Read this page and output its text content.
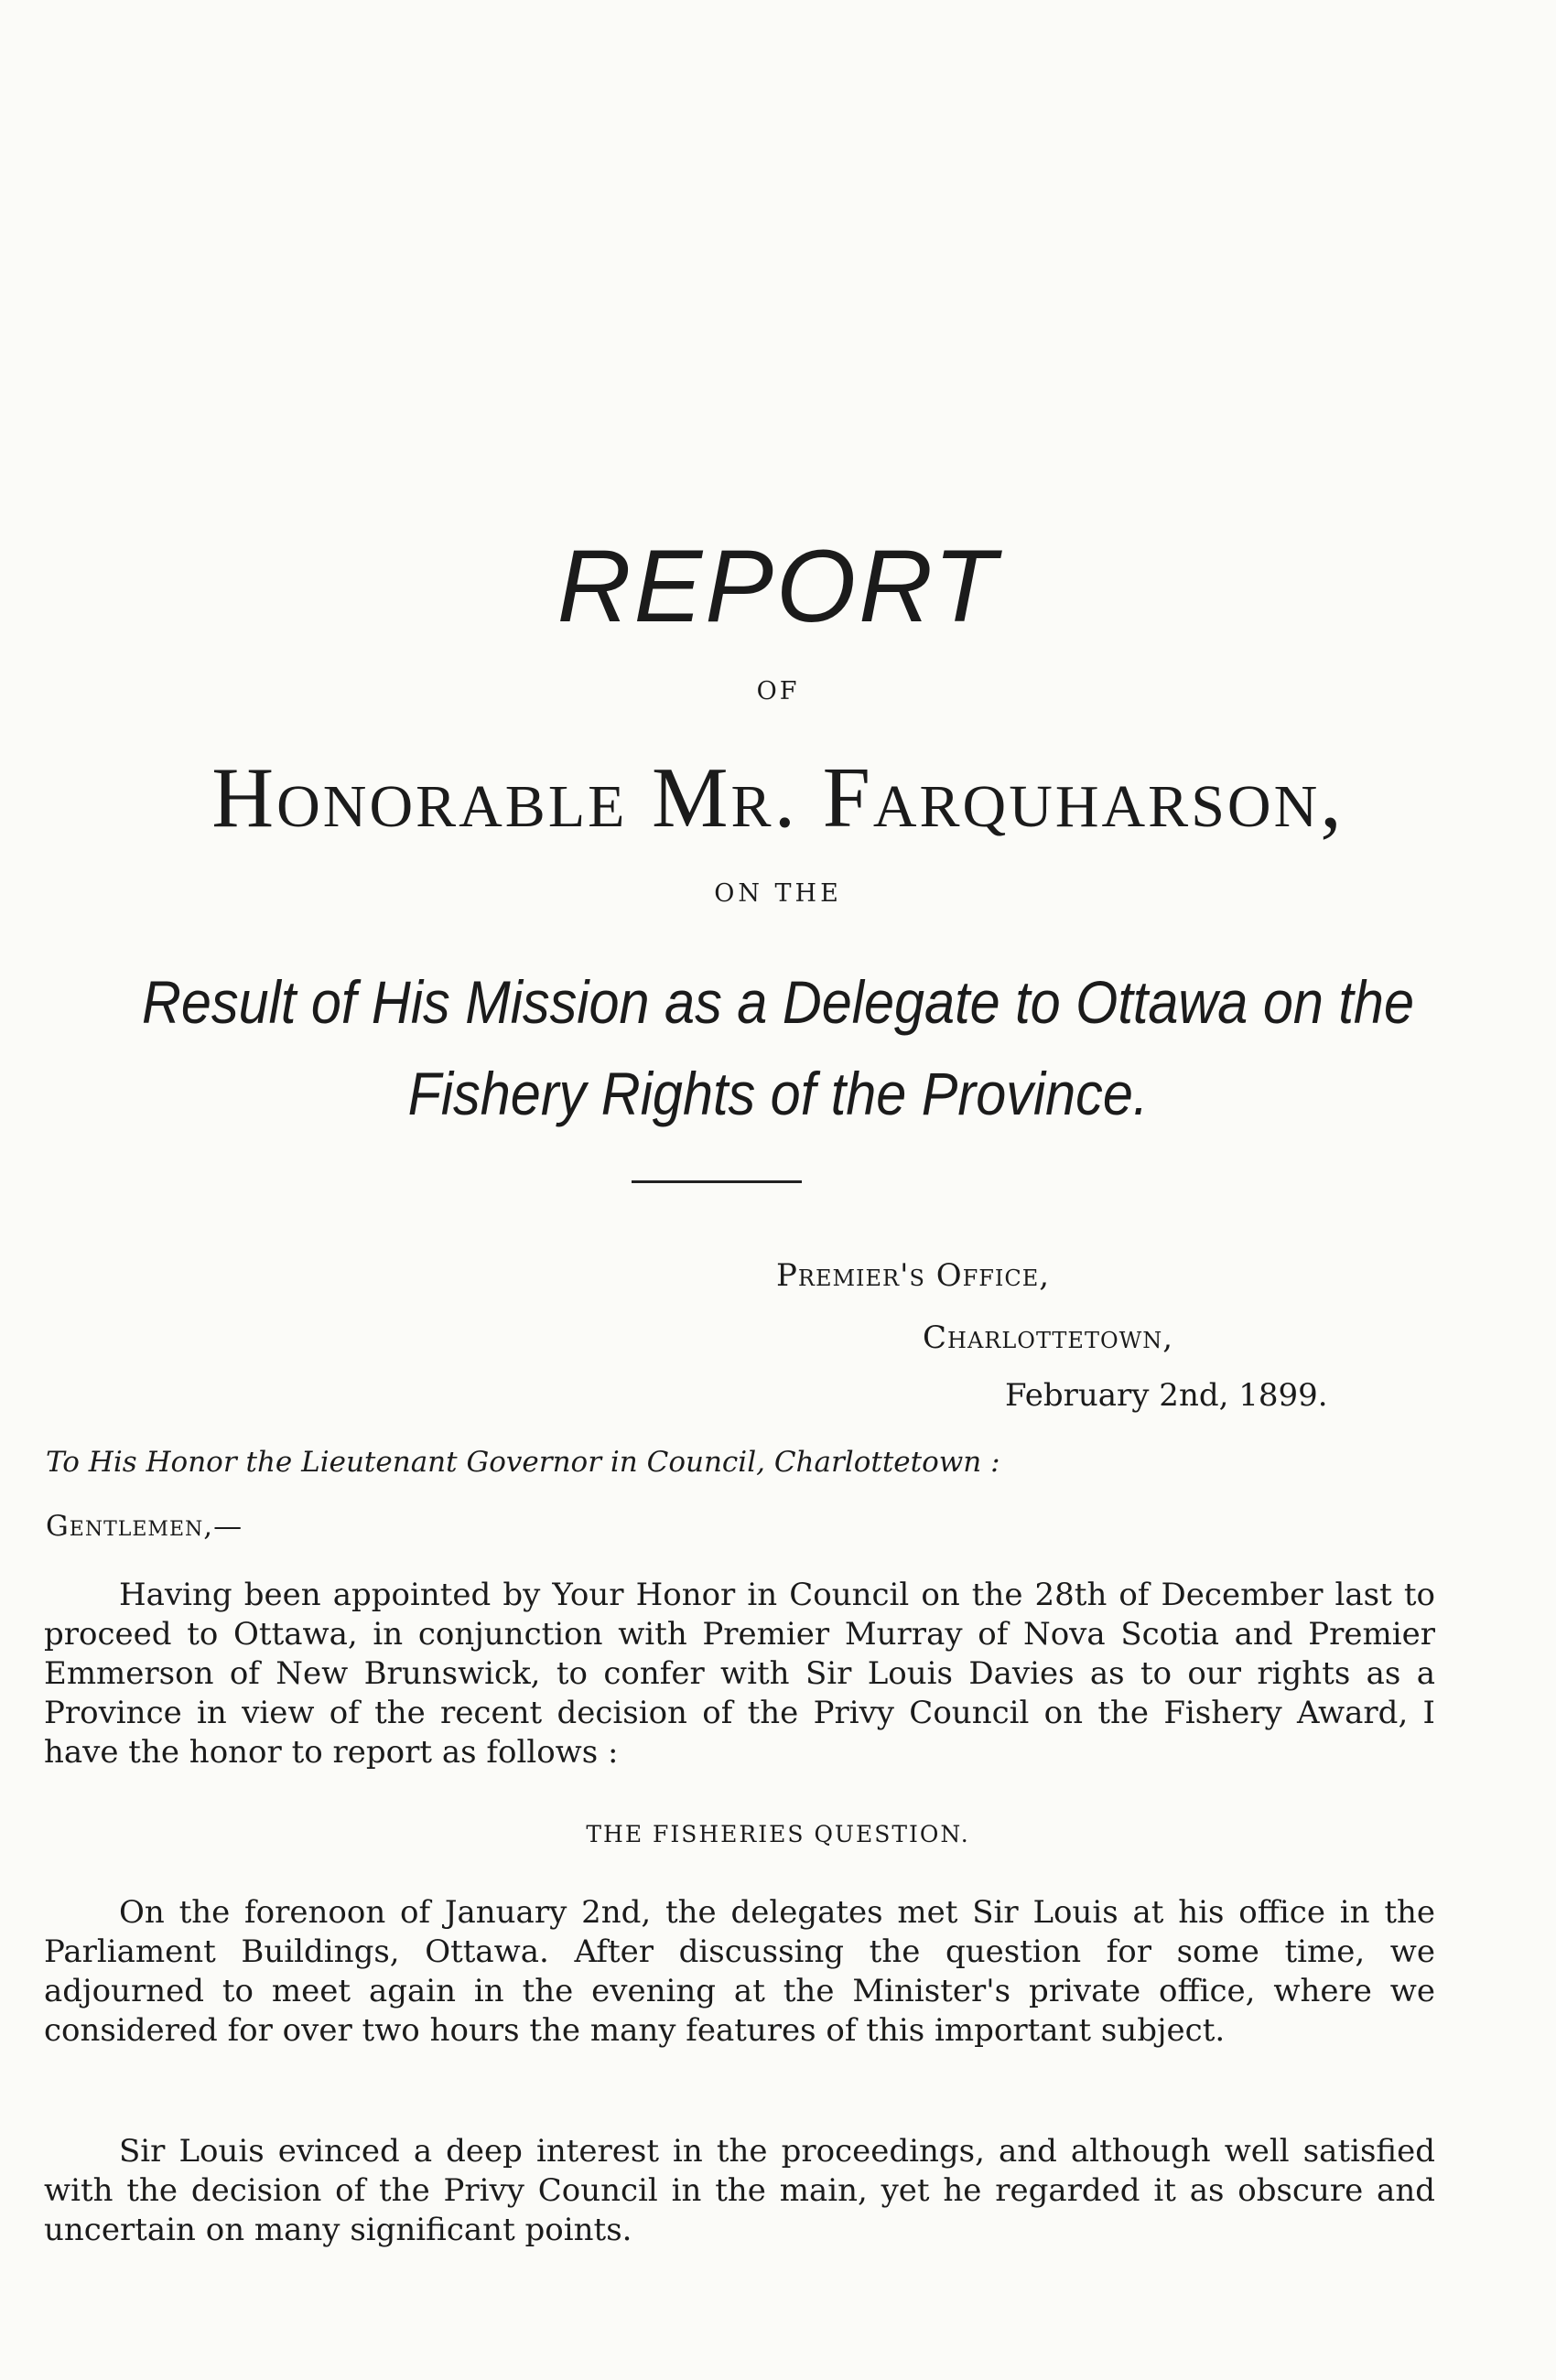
REPORT
OF
Honorable Mr. Farquharson,
ON THE
Result of His Mission as a Delegate to Ottawa on the
Fishery Rights of the Province.
Premier's Office,
Charlottetown,
February 2nd, 1899.
To His Honor the Lieutenant Governor in Council, Charlottetown :
Gentlemen,—

Having been appointed by Your Honor in Council on the 28th of December last to proceed to Ottawa, in conjunction with Premier Murray of Nova Scotia and Premier Emmerson of New Brunswick, to confer with Sir Louis Davies as to our rights as a Province in view of the recent decision of the Privy Council on the Fishery Award, I have the honor to report as follows :

THE FISHERIES QUESTION.

On the forenoon of January 2nd, the delegates met Sir Louis at his office in the Parliament Buildings, Ottawa. After discussing the question for some time, we adjourned to meet again in the evening at the Minister's private office, where we considered for over two hours the many features of this important subject.

Sir Louis evinced a deep interest in the proceedings, and although well satisfied with the decision of the Privy Council in the main, yet he regarded it as obscure and uncertain on many significant points.
